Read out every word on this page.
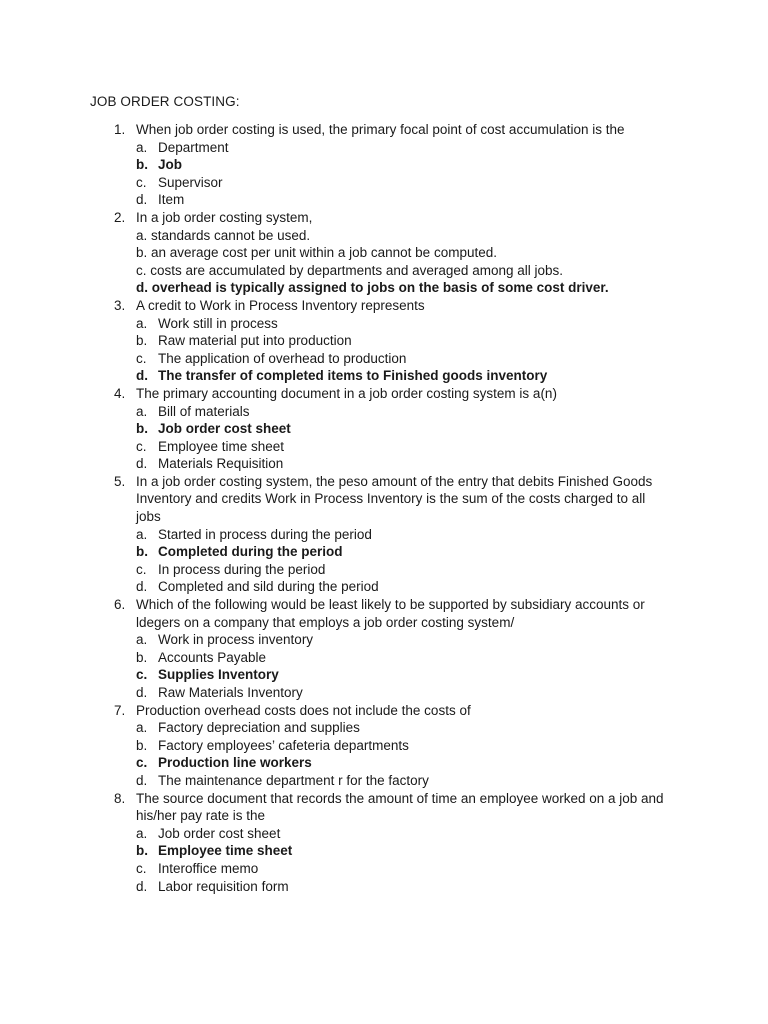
JOB ORDER COSTING:
1. When job order costing is used, the primary focal point of cost accumulation is the
a. Department
b. Job
c. Supervisor
d. Item
2. In a job order costing system,
a. standards cannot be used.
b. an average cost per unit within a job cannot be computed.
c. costs are accumulated by departments and averaged among all jobs.
d. overhead is typically assigned to jobs on the basis of some cost driver.
3. A credit to Work in Process Inventory represents
a. Work still in process
b. Raw material put into production
c. The application of overhead to production
d. The transfer of completed items to Finished goods inventory
4. The primary accounting document in a job order costing system is a(n)
a. Bill of materials
b. Job order cost sheet
c. Employee time sheet
d. Materials Requisition
5. In a job order costing system, the peso amount of the entry that debits Finished Goods
Inventory and credits Work in Process Inventory is the sum of the costs charged to all
jobs
a. Started in process during the period
b. Completed during the period
c. In process during the period
d. Completed and sild during the period
6. Which of the following would be least likely to be supported by subsidiary accounts or
ldegers on a company that employs a job order costing system/
a. Work in process inventory
b. Accounts Payable
c. Supplies Inventory
d. Raw Materials Inventory
7. Production overhead costs does not include the costs of
a. Factory depreciation and supplies
b. Factory employees’ cafeteria departments
c. Production line workers
d. The maintenance department r for the factory
8. The source document that records the amount of time an employee worked on a job and
his/her pay rate is the
a. Job order cost sheet
b. Employee time sheet
c. Interoffice memo
d. Labor requisition form
